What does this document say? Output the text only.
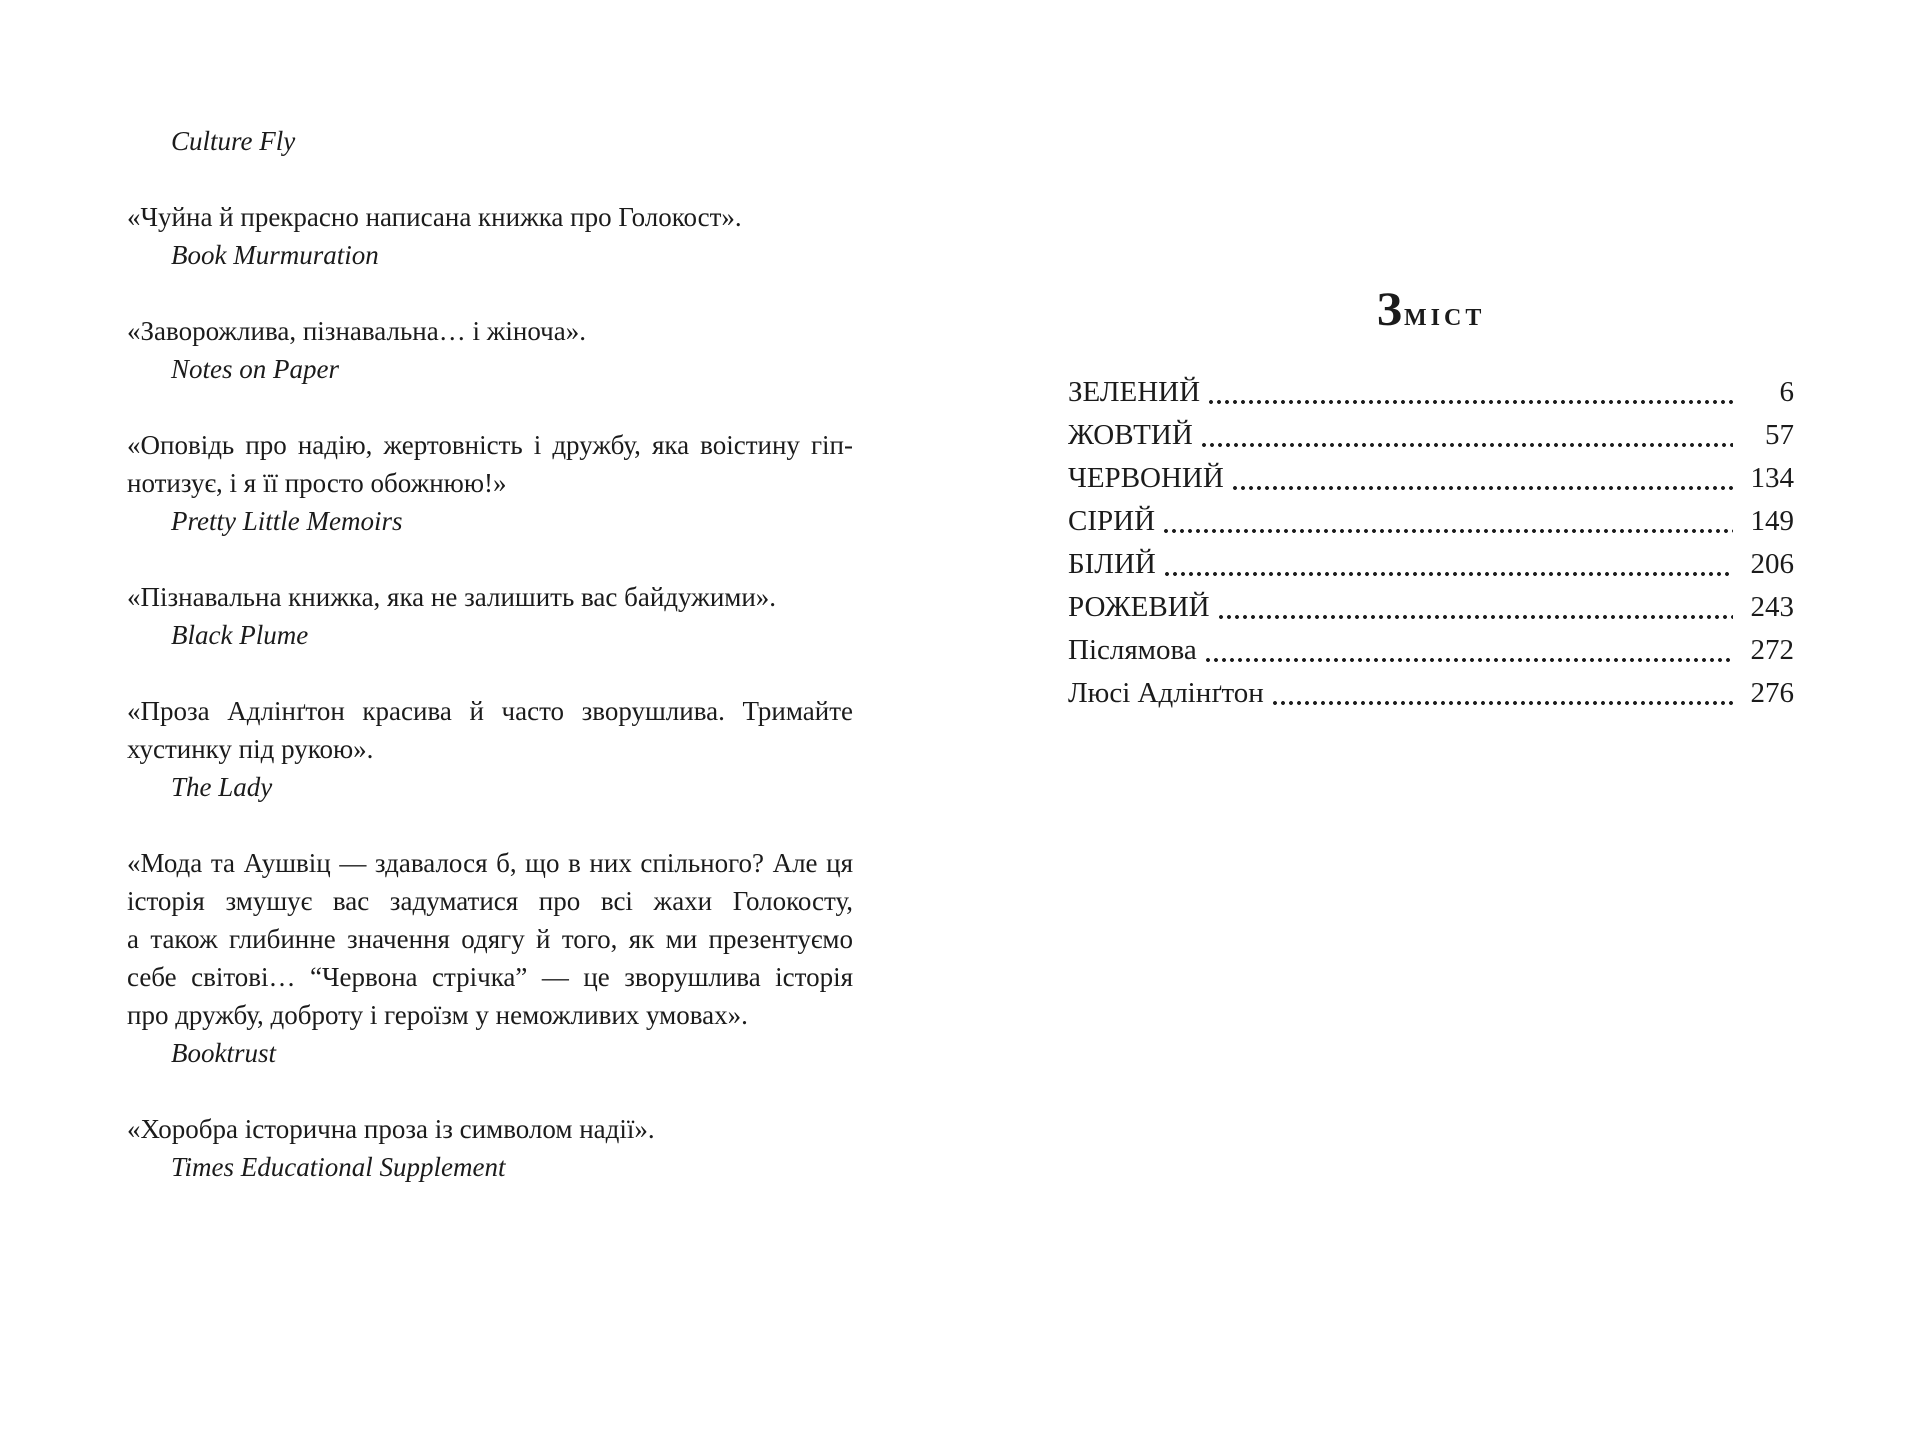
Culture Fly

«Чуйна й прекрасно написана книжка про Голокост».

Book Murmuration

«Заворожлива, пізнавальна… і жіноча».

Notes on Paper

«Оповідь про надію, жертовність і дружбу, яка воістину гіп-

нотизує, і я її просто обожнюю!»

Pretty Little Memoirs

«Пізнавальна книжка, яка не залишить вас байдужими».

Black Plume

«Проза Адлінґтон красива й часто зворушлива. Тримайте

хустинку під рукою».

The Lady

«Мода та Аушвіц — здавалося б, що в них спільного? Але ця

історія змушує вас задуматися про всі жахи Голокосту,

а також глибинне значення одягу й того, як ми презентуємо

себе світові… “Червона стрічка” — це зворушлива історія

про дружбу, доброту і героїзм у неможливих умовах».

Booktrust

«Хоробра історична проза із символом надії».

Times Educational Supplement

Зміст
ЗЕЛЕНИЙ	6
ЖОВТИЙ	57
ЧЕРВОНИЙ	134
СІРИЙ	149
БІЛИЙ	206
РОЖЕВИЙ	243
Післямова	272
Люсі Адлінґтон	276
